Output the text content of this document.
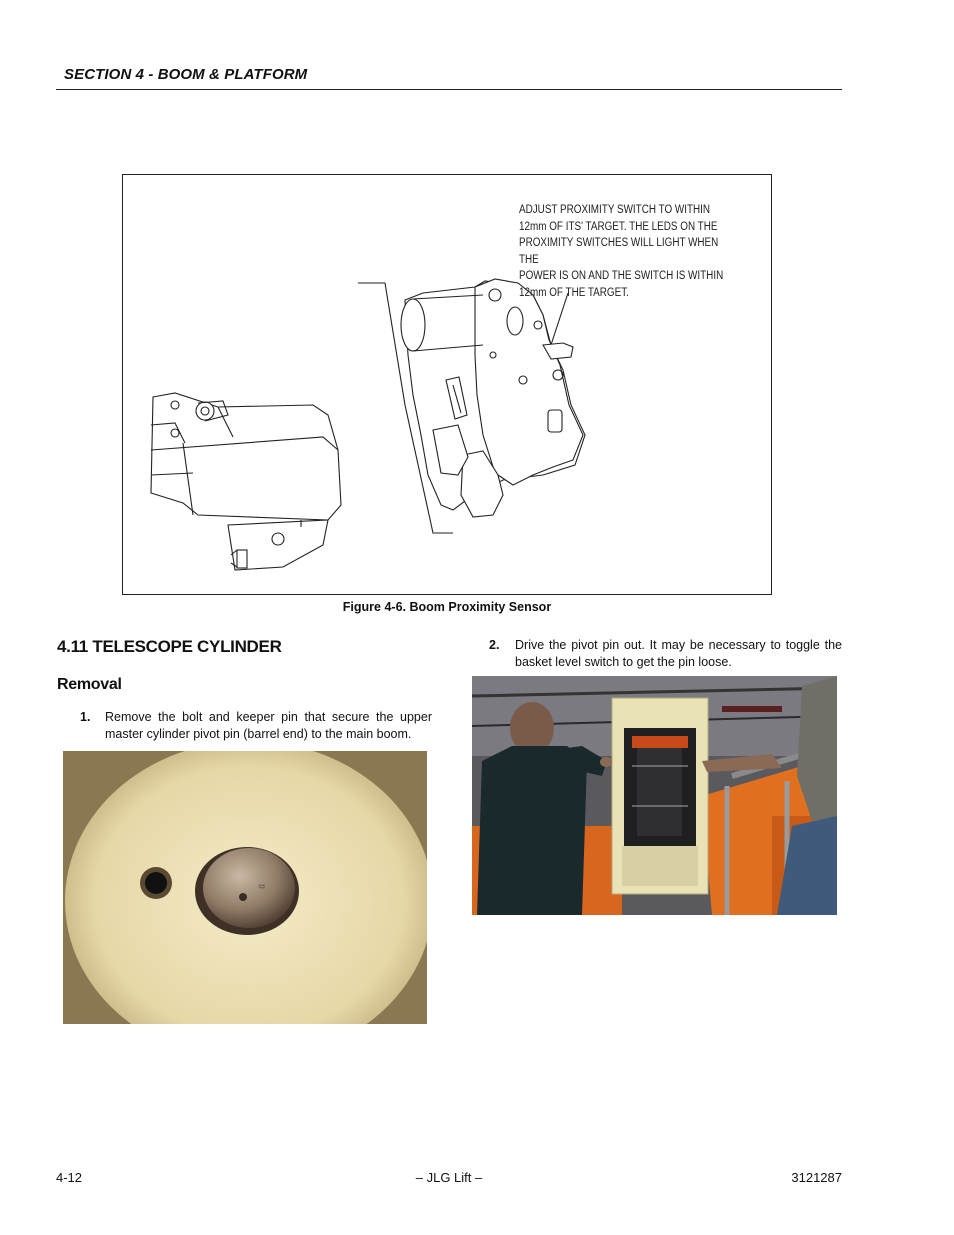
SECTION 4 - BOOM & PLATFORM
ADJUST PROXIMITY SWITCH TO WITHIN
12mm OF ITS' TARGET. THE LEDS ON THE
PROXIMITY SWITCHES WILL LIGHT WHEN THE
POWER IS ON AND THE SWITCH IS WITHIN
12mm OF THE TARGET.
Figure 4-6. Boom Proximity Sensor
4.11 TELESCOPE CYLINDER
Removal
1. Remove the bolt and keeper pin that secure the upper master cylinder pivot pin (barrel end) to the main boom.
ﾛ
2. Drive the pivot pin out. It may be necessary to toggle the basket level switch to get the pin loose.
4-12	– JLG Lift –	3121287
